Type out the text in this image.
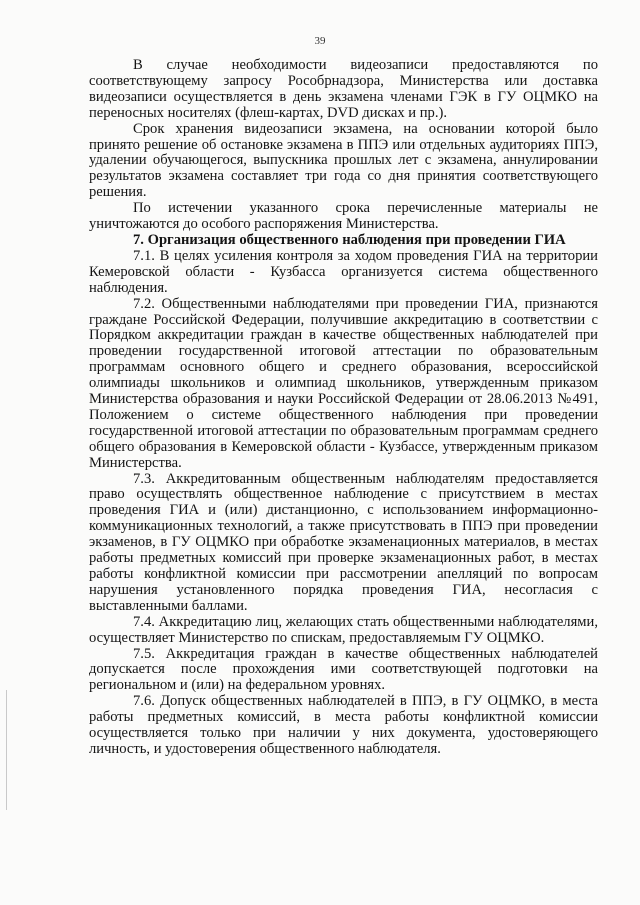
39

В случае необходимости видеозаписи предоставляются по соответствующему запросу Рособрнадзора, Министерства или доставка видеозаписи осуществляется в день экзамена членами ГЭК в ГУ ОЦМКО на переносных носителях (флеш-картах, DVD дисках и пр.).

Срок хранения видеозаписи экзамена, на основании которой было принято решение об остановке экзамена в ППЭ или отдельных аудиториях ППЭ, удалении обучающегося, выпускника прошлых лет с экзамена, аннулировании результатов экзамена составляет три года со дня принятия соответствующего решения.

По истечении указанного срока перечисленные материалы не уничтожаются до особого распоряжения Министерства.

7. Организация общественного наблюдения при проведении ГИА

7.1. В целях усиления контроля за ходом проведения ГИА на территории Кемеровской области - Кузбасса организуется система общественного наблюдения.

7.2. Общественными наблюдателями при проведении ГИА, признаются граждане Российской Федерации, получившие аккредитацию в соответствии с Порядком аккредитации граждан в качестве общественных наблюдателей при проведении государственной итоговой аттестации по образовательным программам основного общего и среднего образования, всероссийской олимпиады школьников и олимпиад школьников, утвержденным приказом Министерства образования и науки Российской Федерации от 28.06.2013 №491, Положением о системе общественного наблюдения при проведении государственной итоговой аттестации по образовательным программам среднего общего образования в Кемеровской области - Кузбассе, утвержденным приказом Министерства.

7.3. Аккредитованным общественным наблюдателям предоставляется право осуществлять общественное наблюдение с присутствием в местах проведения ГИА и (или) дистанционно, с использованием информационно-коммуникационных технологий, а также присутствовать в ППЭ при проведении экзаменов, в ГУ ОЦМКО при обработке экзаменационных материалов, в местах работы предметных комиссий при проверке экзаменационных работ, в местах работы конфликтной комиссии при рассмотрении апелляций по вопросам нарушения установленного порядка проведения ГИА, несогласия с выставленными баллами.

7.4. Аккредитацию лиц, желающих стать общественными наблюдателями, осуществляет Министерство по спискам, предоставляемым ГУ ОЦМКО.

7.5. Аккредитация граждан в качестве общественных наблюдателей допускается после прохождения ими соответствующей подготовки на региональном и (или) на федеральном уровнях.

7.6. Допуск общественных наблюдателей в ППЭ, в ГУ ОЦМКО, в места работы предметных комиссий, в места работы конфликтной комиссии осуществляется только при наличии у них документа, удостоверяющего личность, и удостоверения общественного наблюдателя.
